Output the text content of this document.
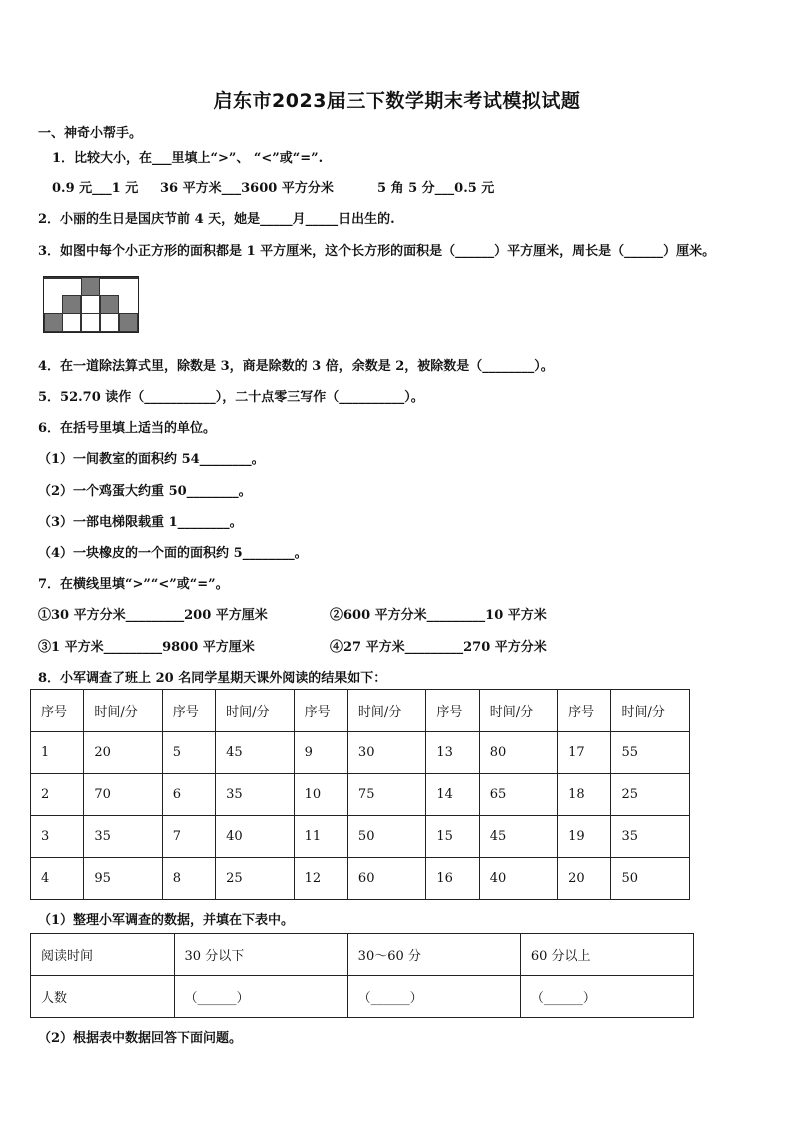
启东市2023届三下数学期末考试模拟试题
一、神奇小帮手。
1．比较大小，在___里填上“>”、 “<”或“=”.
0.9 元___1 元 36 平方米___3600 平方分米	5 角 5 分___0.5 元
2．小丽的生日是国庆节前 4 天，她是_____月_____日出生的.
3．如图中每个小正方形的面积都是 1 平方厘米，这个长方形的面积是（______）平方厘米，周长是（______）厘米。
4．在一道除法算式里，除数是 3，商是除数的 3 倍，余数是 2，被除数是（________）。
5．52.70 读作（___________），二十点零三写作（__________）。
6．在括号里填上适当的单位。
（1）一间教室的面积约 54________。
（2）一个鸡蛋大约重 50________。
（3）一部电梯限载重 1________。
（4）一块橡皮的一个面的面积约 5________。
7．在横线里填“>”“<”或“=”。
①30 平方分米_________200 平方厘米	②600 平方分米_________10 平方米
③1 平方米_________9800 平方厘米	④27 平方米_________270 平方分米
8．小军调查了班上 20 名同学星期天课外阅读的结果如下：
序号	时间/分	序号	时间/分	序号	时间/分	序号	时间/分	序号	时间/分
1	20	5	45	9	30	13	80	17	55
2	70	6	35	10	75	14	65	18	25
3	35	7	40	11	50	15	45	19	35
4	95	8	25	12	60	16	40	20	50
（1）整理小军调查的数据，并填在下表中。
阅读时间	30 分以下	30～60 分	60 分以上
人数	（______）	（______）	（______）
（2）根据表中数据回答下面问题。
